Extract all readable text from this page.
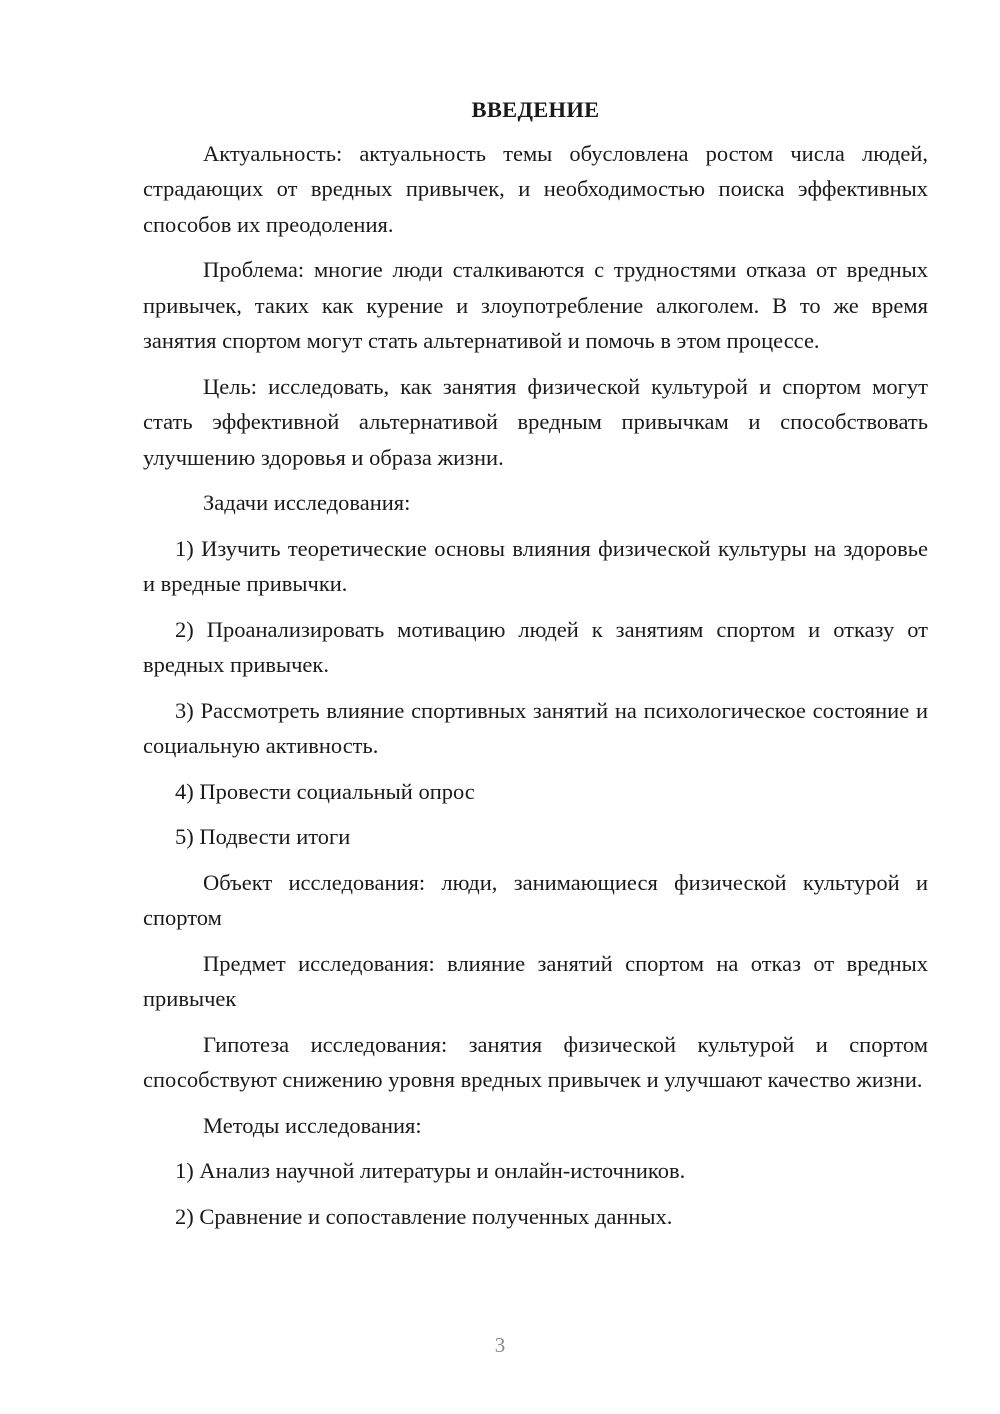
ВВЕДЕНИЕ

Актуальность: актуальность темы обусловлена ростом числа людей, страдающих от вредных привычек, и необходимостью поиска эффективных способов их преодоления.

Проблема: многие люди сталкиваются с трудностями отказа от вредных привычек, таких как курение и злоупотребление алкоголем. В то же время занятия спортом могут стать альтернативой и помочь в этом процессе.

Цель: исследовать, как занятия физической культурой и спортом могут стать эффективной альтернативой вредным привычкам и способствовать улучшению здоровья и образа жизни.

Задачи исследования:

1) Изучить теоретические основы влияния физической культуры на здоровье и вредные привычки.

2) Проанализировать мотивацию людей к занятиям спортом и отказу от вредных привычек.

3) Рассмотреть влияние спортивных занятий на психологическое состояние и социальную активность.

4) Провести социальный опрос

5) Подвести итоги

Объект исследования: люди, занимающиеся физической культурой и спортом

Предмет исследования: влияние занятий спортом на отказ от вредных привычек

Гипотеза исследования: занятия физической культурой и спортом способствуют снижению уровня вредных привычек и улучшают качество жизни.

Методы исследования:

1) Анализ научной литературы и онлайн-источников.

2) Сравнение и сопоставление полученных данных.

3
